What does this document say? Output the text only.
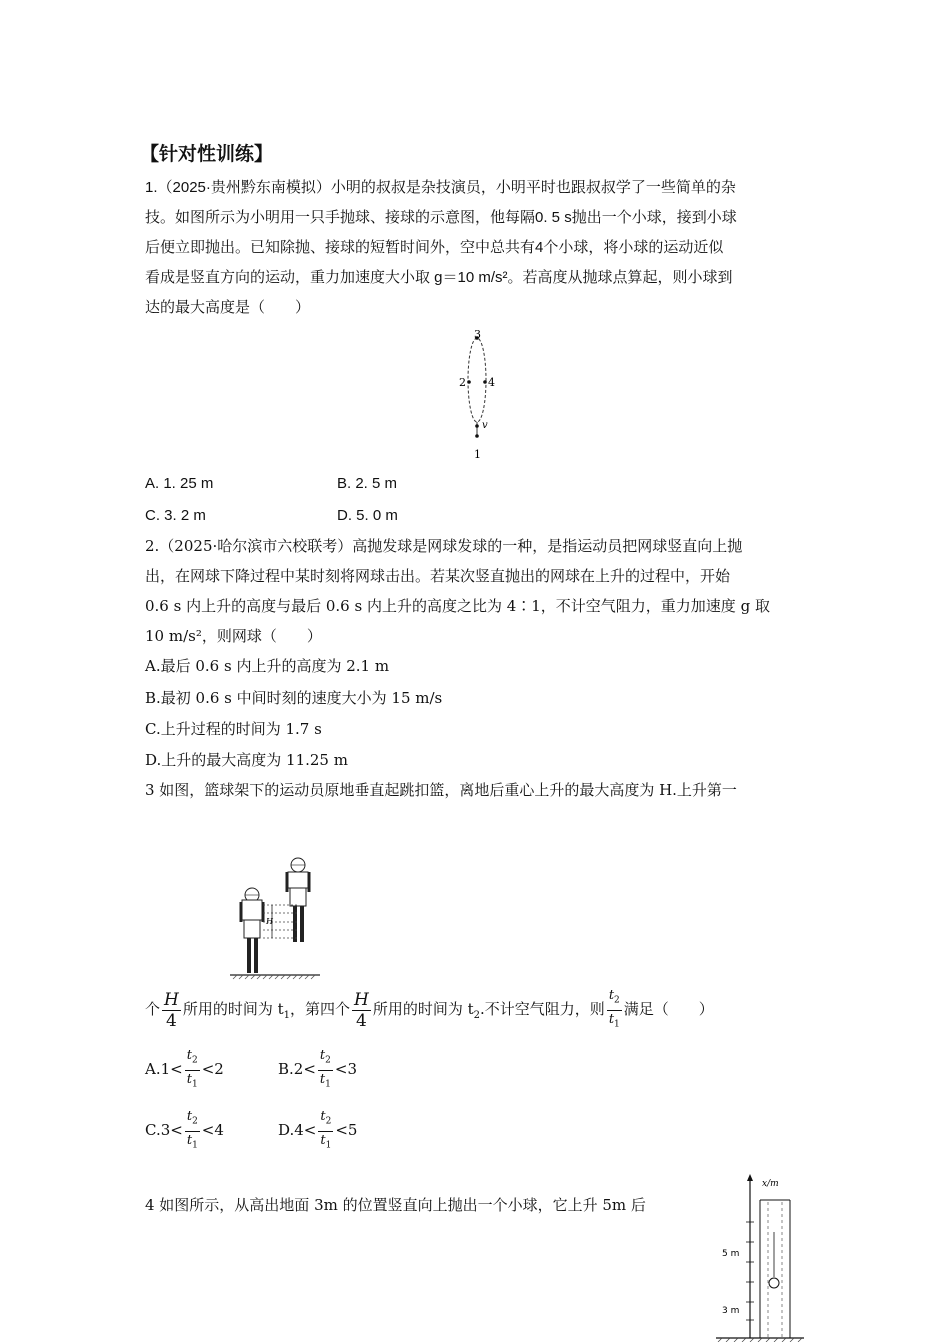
【针对性训练】
1.（2025·贵州黔东南模拟）小明的叔叔是杂技演员，小明平时也跟叔叔学了一些简单的杂
技。如图所示为小明用一只手抛球、接球的示意图，他每隔0. 5 s抛出一个小球，接到小球
后便立即抛出。已知除抛、接球的短暂时间外，空中总共有4个小球，将小球的运动近似
看成是竖直方向的运动，重力加速度大小取 g＝10 m/s²。若高度从抛球点算起，则小球到
达的最大高度是（　　）
3
2 4
v
1
A. 1. 25 m	B. 2. 5 m
C. 3. 2 m	D. 5. 0 m
2.（2025·哈尔滨市六校联考）高抛发球是网球发球的一种，是指运动员把网球竖直向上抛
出，在网球下降过程中某时刻将网球击出。若某次竖直抛出的网球在上升的过程中，开始
0.6 s 内上升的高度与最后 0.6 s 内上升的高度之比为 4∶1，不计空气阻力，重力加速度 g 取
10 m/s²，则网球（　　）
A.最后 0.6 s 内上升的高度为 2.1 m
B.最初 0.6 s 中间时刻的速度大小为 15 m/s
C.上升过程的时间为 1.7 s
D.上升的最大高度为 11.25 m
3 如图，篮球架下的运动员原地垂直起跳扣篮，离地后重心上升的最大高度为 H.上升第一
H
个 $\frac{H}{4}$ 所用的时间为 $t_1$，第四个 $\frac{H}{4}$ 所用的时间为 $t_2$.不计空气阻力，则 $\frac{t_2}{t_1}$ 满足（　　）
$A.1< \frac{t_2}{t_1} <2$	$B.2< \frac{t_2}{t_1} <3$
$C.3< \frac{t_2}{t_1} <4$	$D.4< \frac{t_2}{t_1} <5$
4 如图所示，从高出地面 3m 的位置竖直向上抛出一个小球，它上升 5m 后
x/m
5 m
3 m
